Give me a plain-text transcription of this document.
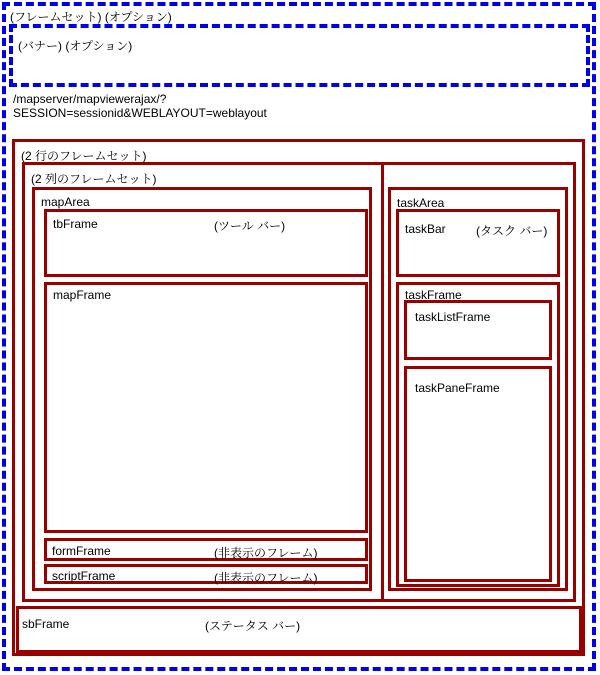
(フレームセット) (オプション)
(バナー) (オプション)
/mapserver/mapviewerajax/?
SESSION=sessionid&WEBLAYOUT=weblayout
(2 行のフレームセット)
(2 列のフレームセット)
mapArea
tbFrame	(ツール バー)
mapFrame
formFrame	(非表示のフレーム)
scriptFrame	(非表示のフレーム)
taskArea
taskBar	(タスク バー)
taskFrame
taskListFrame
taskPaneFrame
sbFrame	(ステータス バー)
